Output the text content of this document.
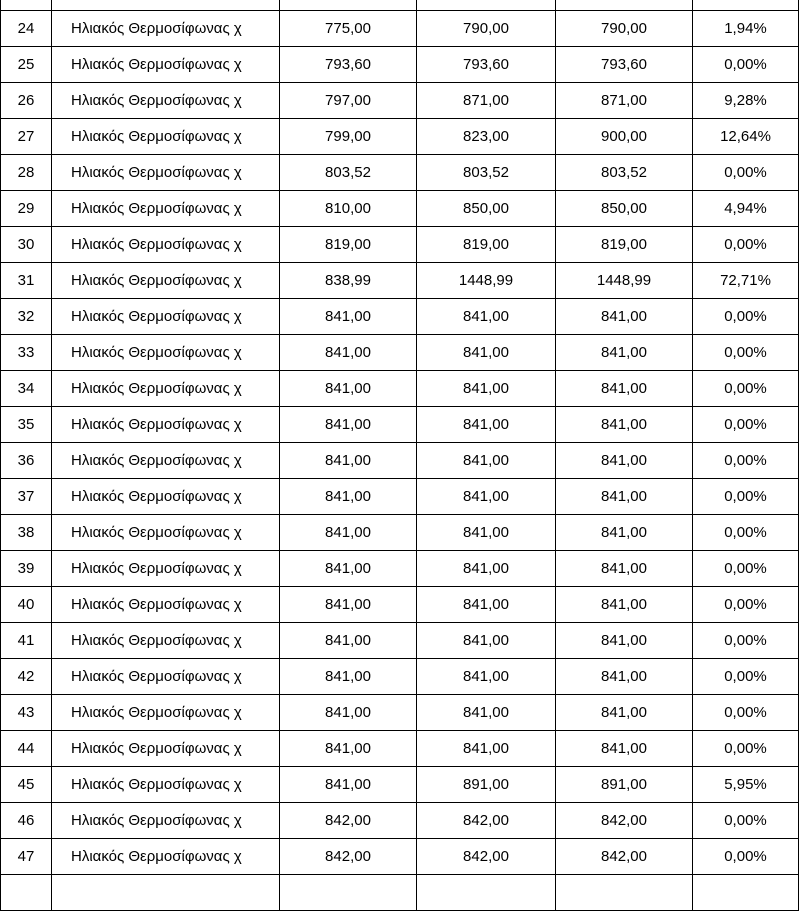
24	Ηλιακός Θερμοσίφωνας χ	775,00	790,00	790,00	1,94%
25	Ηλιακός Θερμοσίφωνας χ	793,60	793,60	793,60	0,00%
26	Ηλιακός Θερμοσίφωνας χ	797,00	871,00	871,00	9,28%
27	Ηλιακός Θερμοσίφωνας χ	799,00	823,00	900,00	12,64%
28	Ηλιακός Θερμοσίφωνας χ	803,52	803,52	803,52	0,00%
29	Ηλιακός Θερμοσίφωνας χ	810,00	850,00	850,00	4,94%
30	Ηλιακός Θερμοσίφωνας χ	819,00	819,00	819,00	0,00%
31	Ηλιακός Θερμοσίφωνας χ	838,99	1448,99	1448,99	72,71%
32	Ηλιακός Θερμοσίφωνας χ	841,00	841,00	841,00	0,00%
33	Ηλιακός Θερμοσίφωνας χ	841,00	841,00	841,00	0,00%
34	Ηλιακός Θερμοσίφωνας χ	841,00	841,00	841,00	0,00%
35	Ηλιακός Θερμοσίφωνας χ	841,00	841,00	841,00	0,00%
36	Ηλιακός Θερμοσίφωνας χ	841,00	841,00	841,00	0,00%
37	Ηλιακός Θερμοσίφωνας χ	841,00	841,00	841,00	0,00%
38	Ηλιακός Θερμοσίφωνας χ	841,00	841,00	841,00	0,00%
39	Ηλιακός Θερμοσίφωνας χ	841,00	841,00	841,00	0,00%
40	Ηλιακός Θερμοσίφωνας χ	841,00	841,00	841,00	0,00%
41	Ηλιακός Θερμοσίφωνας χ	841,00	841,00	841,00	0,00%
42	Ηλιακός Θερμοσίφωνας χ	841,00	841,00	841,00	0,00%
43	Ηλιακός Θερμοσίφωνας χ	841,00	841,00	841,00	0,00%
44	Ηλιακός Θερμοσίφωνας χ	841,00	841,00	841,00	0,00%
45	Ηλιακός Θερμοσίφωνας χ	841,00	891,00	891,00	5,95%
46	Ηλιακός Θερμοσίφωνας χ	842,00	842,00	842,00	0,00%
47	Ηλιακός Θερμοσίφωνας χ	842,00	842,00	842,00	0,00%
